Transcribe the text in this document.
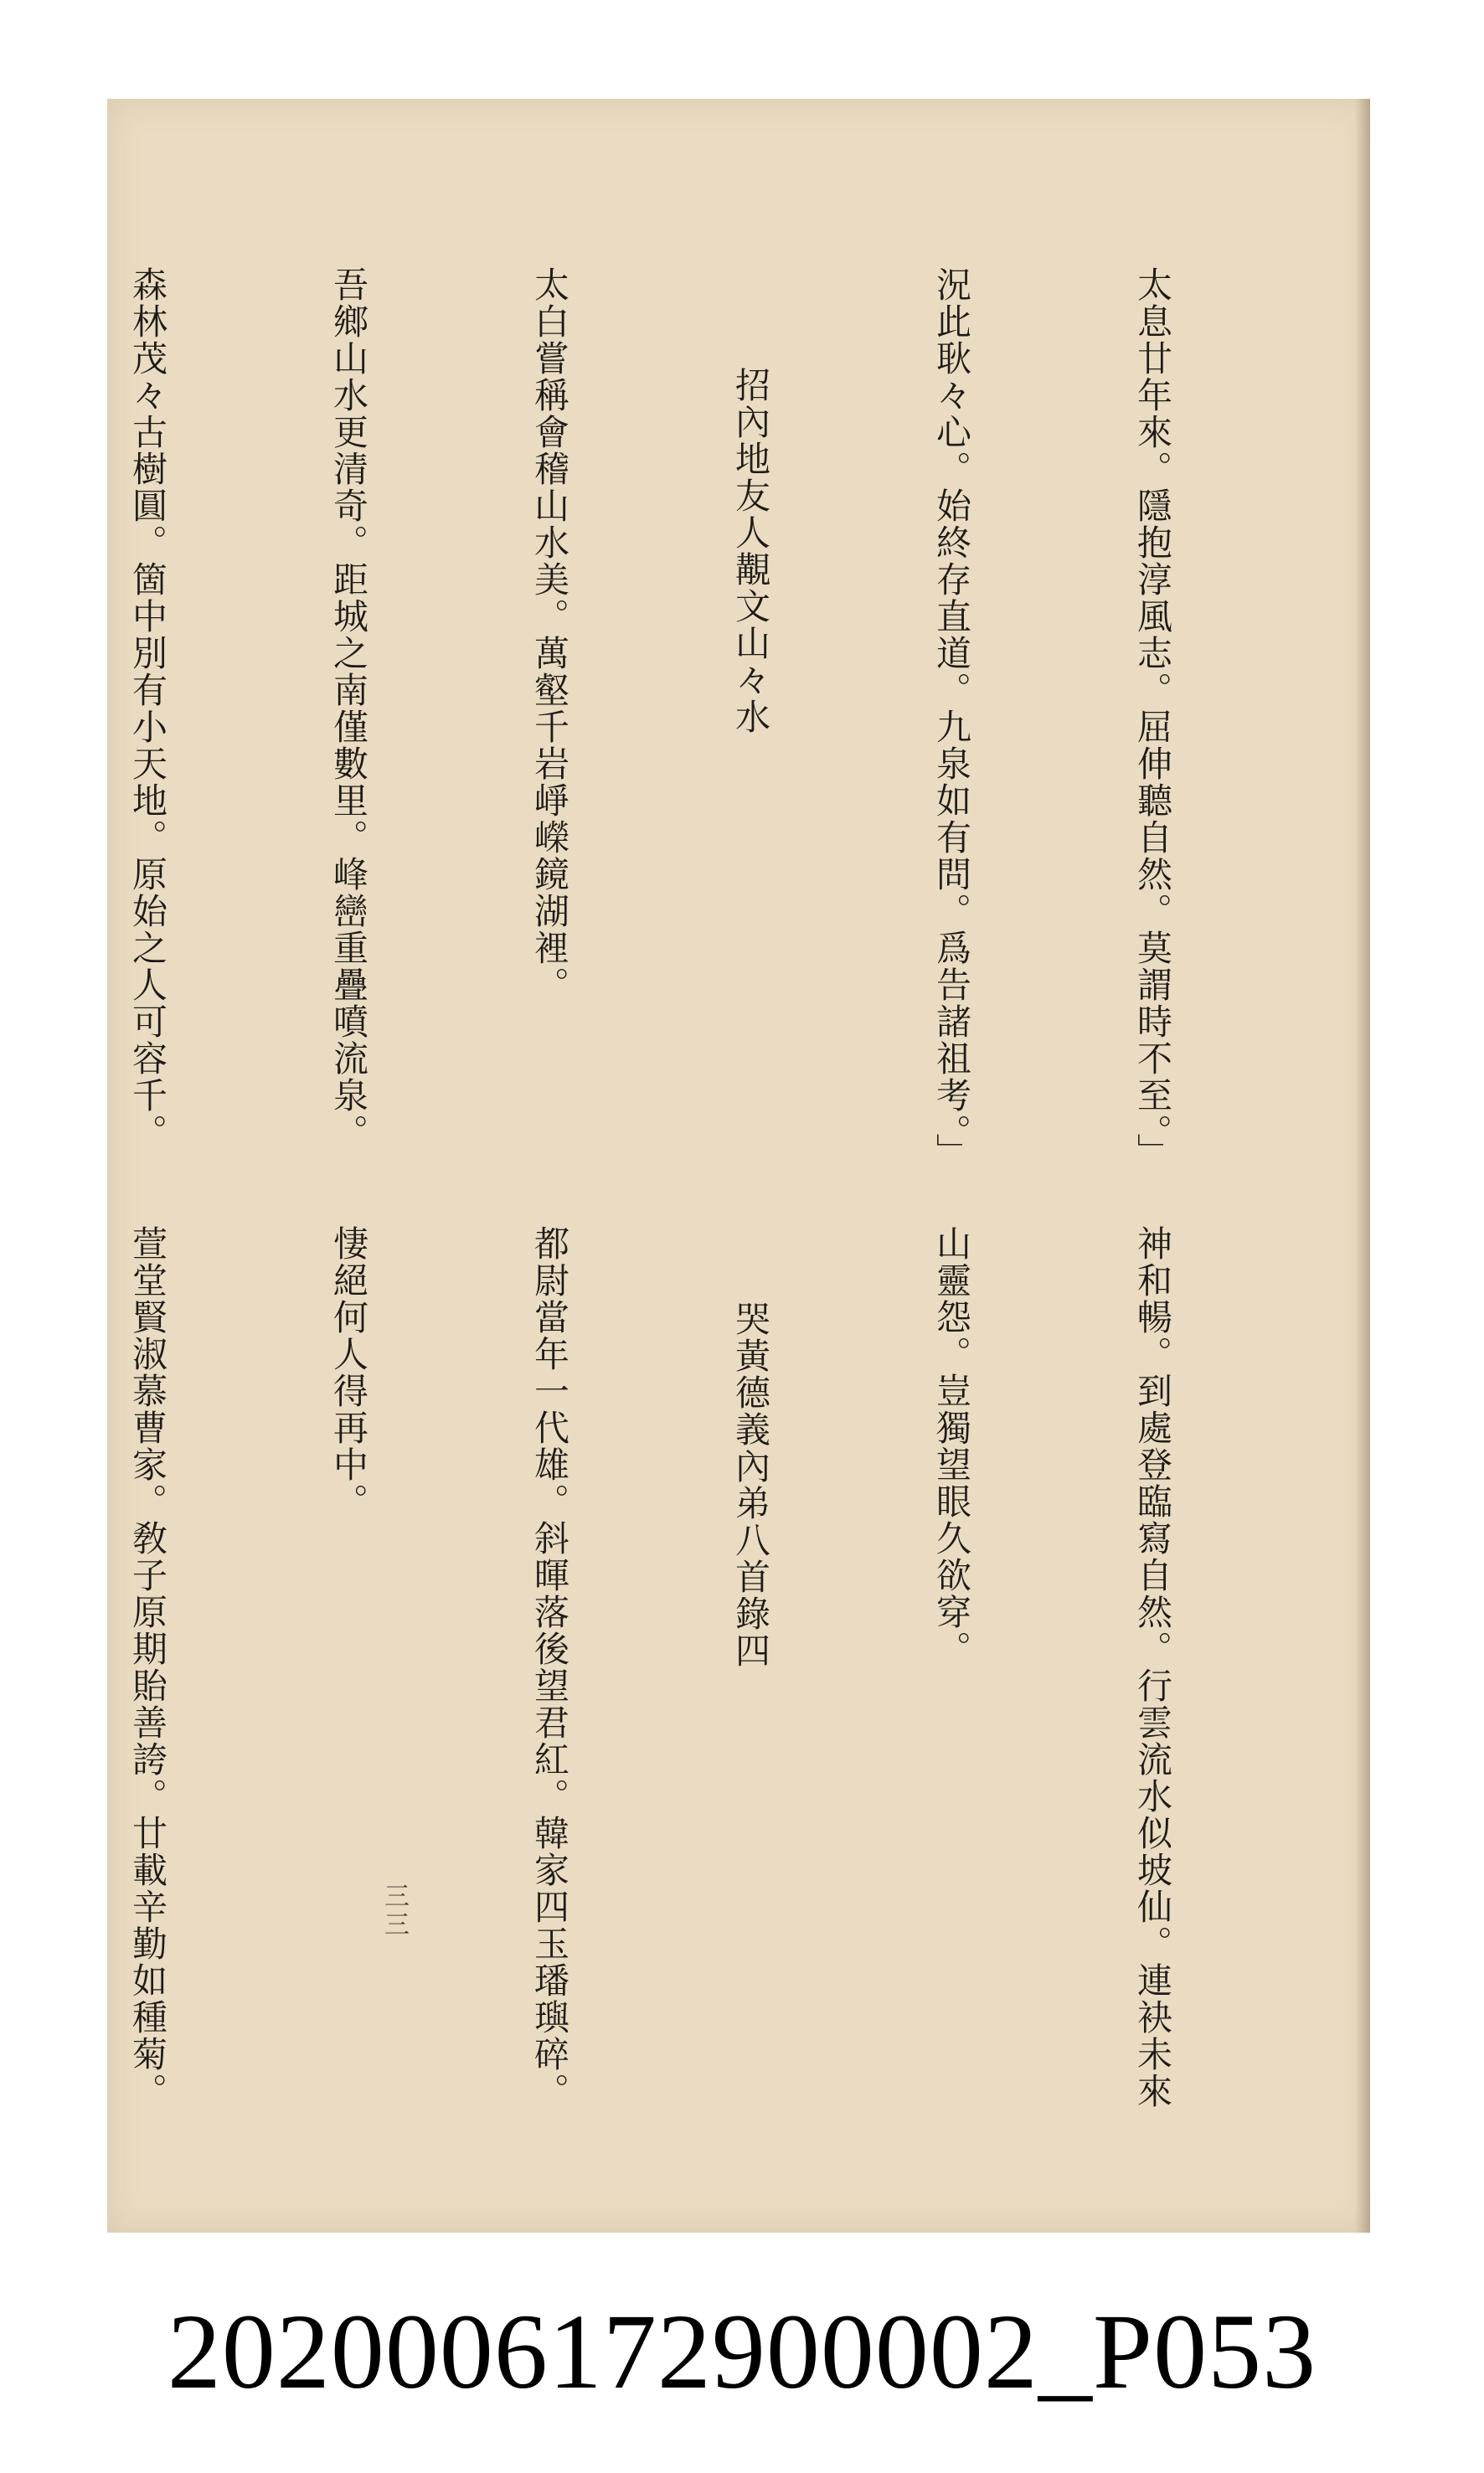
太息廿年來。隱抱淳風志。屈伸聽自然。莫謂時不至。」

況此耿々心。始終存直道。九泉如有問。爲告諸祖考。」

招內地友人覯文山々水

太白嘗稱會稽山水美。萬壑千岩崢嶸鏡湖裡。

吾鄉山水更清奇。距城之南僅數里。峰巒重疊噴流泉。

森林茂々古樹圓。箇中別有小天地。原始之人可容千。

神和暢。到處登臨寫自然。行雲流水似坡仙。連袂未來

山靈怨。豈獨望眼久欲穿。

哭黃德義內弟八首錄四

都尉當年一代雄。斜暉落後望君紅。韓家四玉璠璵碎。

悽絕何人得再中。

萱堂賢淑慕曹家。敎子原期貽善誇。廿載辛勤如種菊。

	三三
2020006172900002_P053
